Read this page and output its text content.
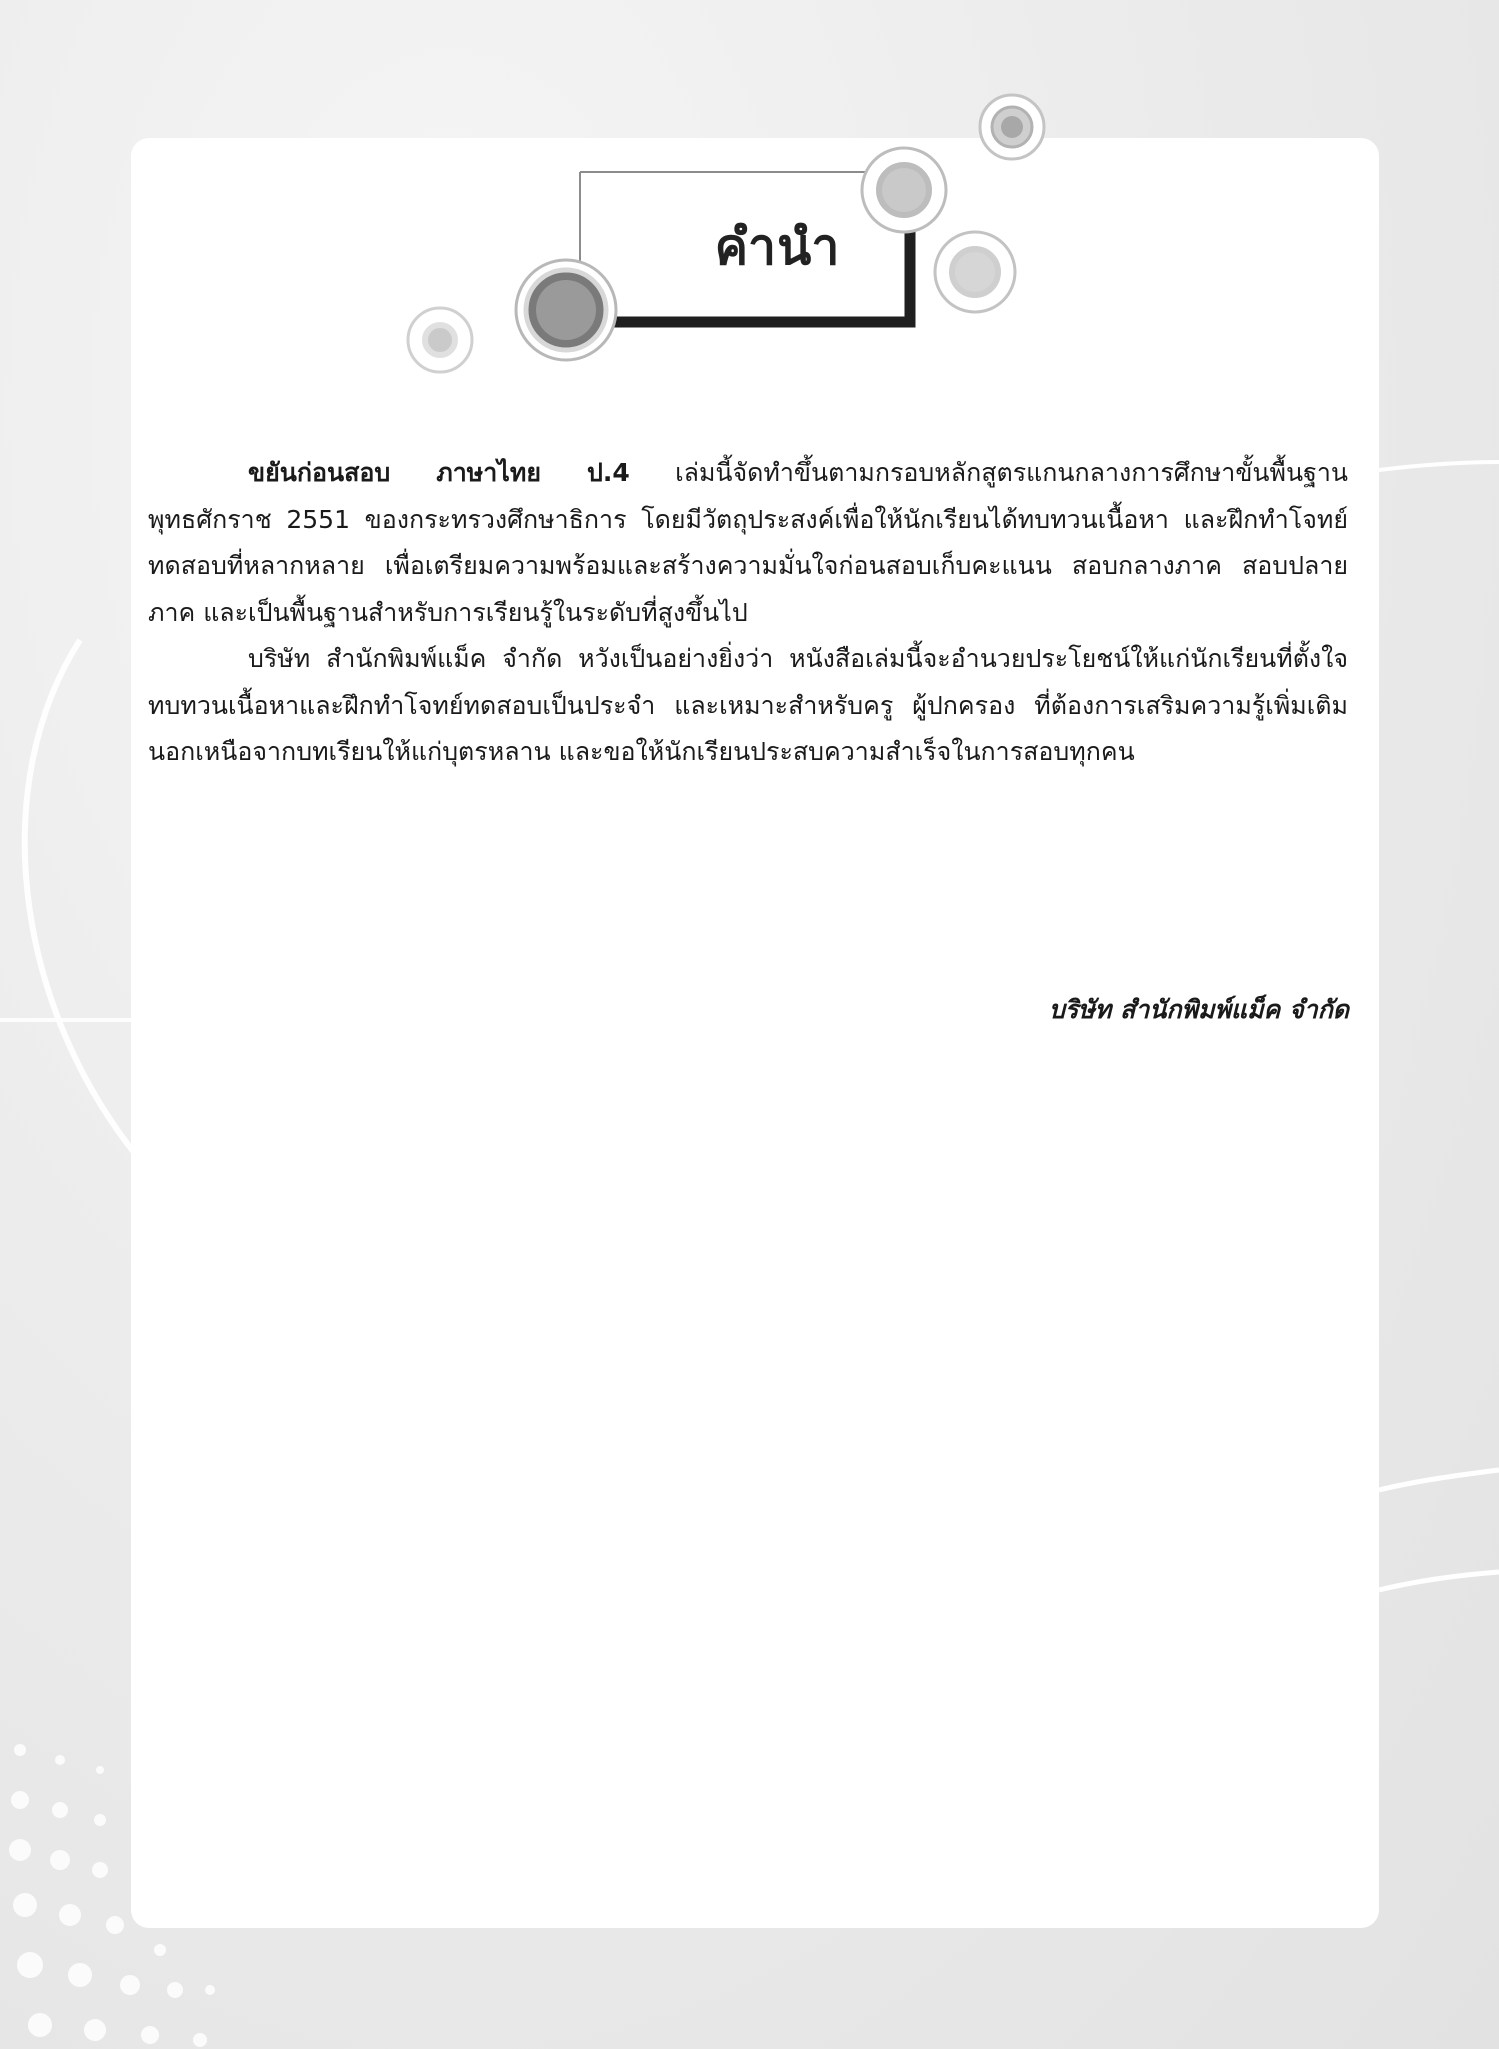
คำนำ

ขยันก่อนสอบ ภาษาไทย ป.4 เล่มนี้จัดทำขึ้นตามกรอบหลักสูตรแกนกลางการศึกษาขั้นพื้นฐาน พุทธศักราช 2551 ของกระทรวงศึกษาธิการ โดยมีวัตถุประสงค์เพื่อให้นักเรียนได้ทบทวนเนื้อหา และฝึกทำโจทย์ทดสอบที่หลากหลาย เพื่อเตรียมความพร้อมและสร้างความมั่นใจก่อนสอบเก็บคะแนน สอบกลางภาค สอบปลายภาค และเป็นพื้นฐานสำหรับการเรียนรู้ในระดับที่สูงขึ้นไป

บริษัท สำนักพิมพ์แม็ค จำกัด หวังเป็นอย่างยิ่งว่า หนังสือเล่มนี้จะอำนวยประโยชน์ให้แก่นักเรียนที่ตั้งใจทบทวนเนื้อหาและฝึกทำโจทย์ทดสอบเป็นประจำ และเหมาะสำหรับครู ผู้ปกครอง ที่ต้องการเสริมความรู้เพิ่มเติมนอกเหนือจากบทเรียนให้แก่บุตรหลาน และขอให้นักเรียนประสบความสำเร็จในการสอบทุกคน

บริษัท สำนักพิมพ์แม็ค จำกัด
